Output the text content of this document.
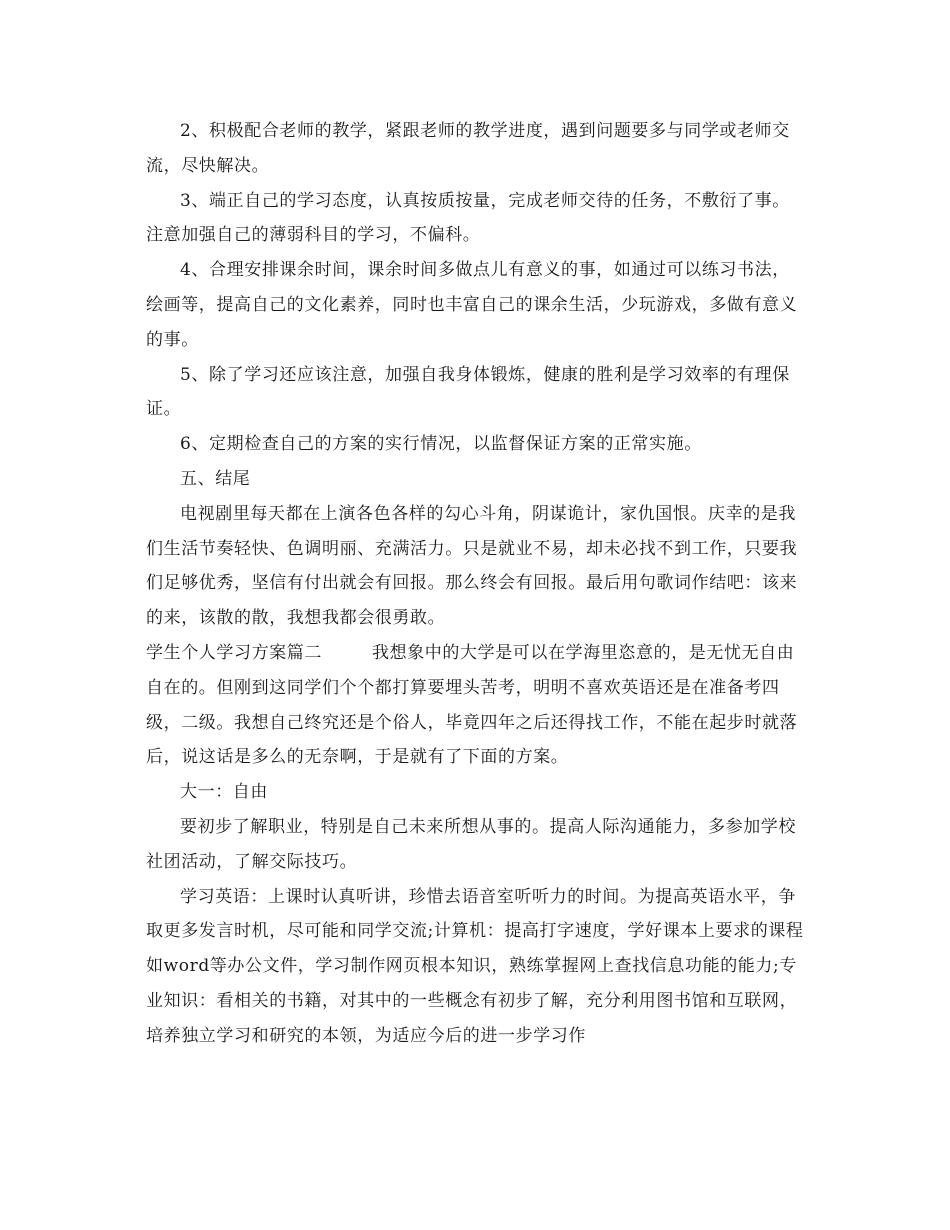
2、积极配合老师的教学，紧跟老师的教学进度，遇到问题要多与同学或老师交流，尽快解决。

3、端正自己的学习态度，认真按质按量，完成老师交待的任务，不敷衍了事。注意加强自己的薄弱科目的学习，不偏科。

4、合理安排课余时间，课余时间多做点儿有意义的事，如通过可以练习书法，绘画等，提高自己的文化素养，同时也丰富自己的课余生活，少玩游戏，多做有意义的事。

5、除了学习还应该注意，加强自我身体锻炼，健康的胜利是学习效率的有理保证。

6、定期检查自己的方案的实行情况，以监督保证方案的正常实施。

五、结尾

电视剧里每天都在上演各色各样的勾心斗角，阴谋诡计，家仇国恨。庆幸的是我们生活节奏轻快、色调明丽、充满活力。只是就业不易，却未必找不到工作，只要我们足够优秀，坚信有付出就会有回报。那么终会有回报。最后用句歌词作结吧：该来的来，该散的散，我想我都会很勇敢。

学生个人学习方案篇二	我想象中的大学是可以在学海里恣意的，是无忧无自由自在的。但刚到这同学们个个都打算要埋头苦考，明明不喜欢英语还是在准备考四级，二级。我想自己终究还是个俗人，毕竟四年之后还得找工作，不能在起步时就落后，说这话是多么的无奈啊，于是就有了下面的方案。

大一：自由

要初步了解职业，特别是自己未来所想从事的。提高人际沟通能力，多参加学校社团活动，了解交际技巧。

学习英语：上课时认真听讲，珍惜去语音室听听力的时间。为提高英语水平，争取更多发言时机，尽可能和同学交流;计算机：提高打字速度，学好课本上要求的课程如word等办公文件，学习制作网页根本知识，熟练掌握网上查找信息功能的能力;专业知识：看相关的书籍，对其中的一些概念有初步了解，充分利用图书馆和互联网，培养独立学习和研究的本领，为适应今后的进一步学习作
